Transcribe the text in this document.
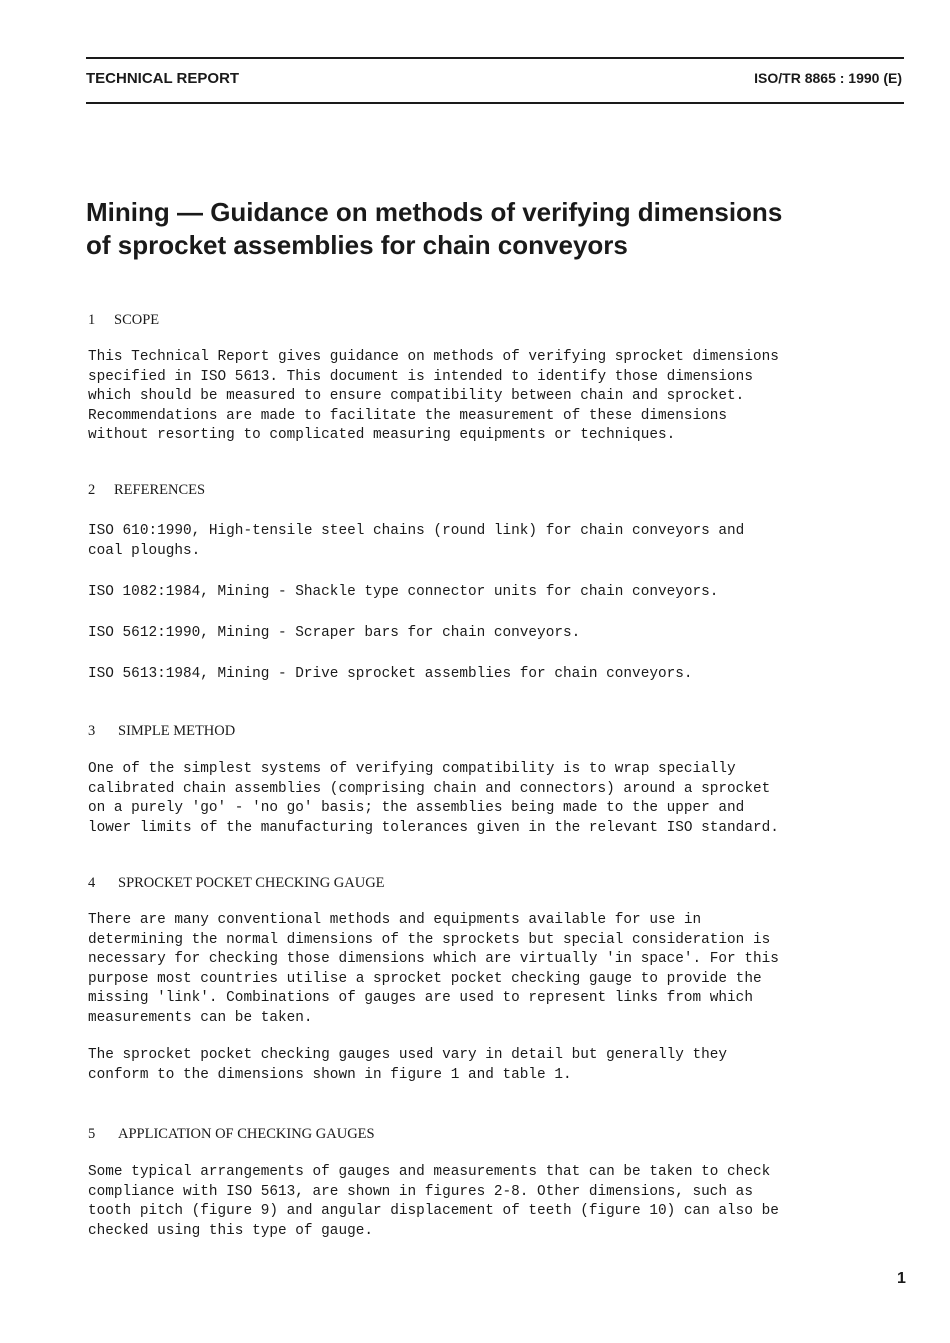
TECHNICAL REPORT	ISO/TR 8865 : 1990 (E)
Mining — Guidance on methods of verifying dimensions
of sprocket assemblies for chain conveyors
1 SCOPE
This Technical Report gives guidance on methods of verifying sprocket dimensions
specified in ISO 5613. This document is intended to identify those dimensions
which should be measured to ensure compatibility between chain and sprocket.
Recommendations are made to facilitate the measurement of these dimensions
without resorting to complicated measuring equipments or techniques.
2 REFERENCES
ISO 610:1990, High-tensile steel chains (round link) for chain conveyors and
coal ploughs.
ISO 1082:1984, Mining - Shackle type connector units for chain conveyors.
ISO 5612:1990, Mining - Scraper bars for chain conveyors.
ISO 5613:1984, Mining - Drive sprocket assemblies for chain conveyors.
3 SIMPLE METHOD
One of the simplest systems of verifying compatibility is to wrap specially
calibrated chain assemblies (comprising chain and connectors) around a sprocket
on a purely 'go' - 'no go' basis; the assemblies being made to the upper and
lower limits of the manufacturing tolerances given in the relevant ISO standard.
4 SPROCKET POCKET CHECKING GAUGE
There are many conventional methods and equipments available for use in
determining the normal dimensions of the sprockets but special consideration is
necessary for checking those dimensions which are virtually 'in space'. For this
purpose most countries utilise a sprocket pocket checking gauge to provide the
missing 'link'. Combinations of gauges are used to represent links from which
measurements can be taken.
The sprocket pocket checking gauges used vary in detail but generally they
conform to the dimensions shown in figure 1 and table 1.
5 APPLICATION OF CHECKING GAUGES
Some typical arrangements of gauges and measurements that can be taken to check
compliance with ISO 5613, are shown in figures 2-8. Other dimensions, such as
tooth pitch (figure 9) and angular displacement of teeth (figure 10) can also be
checked using this type of gauge.
1
